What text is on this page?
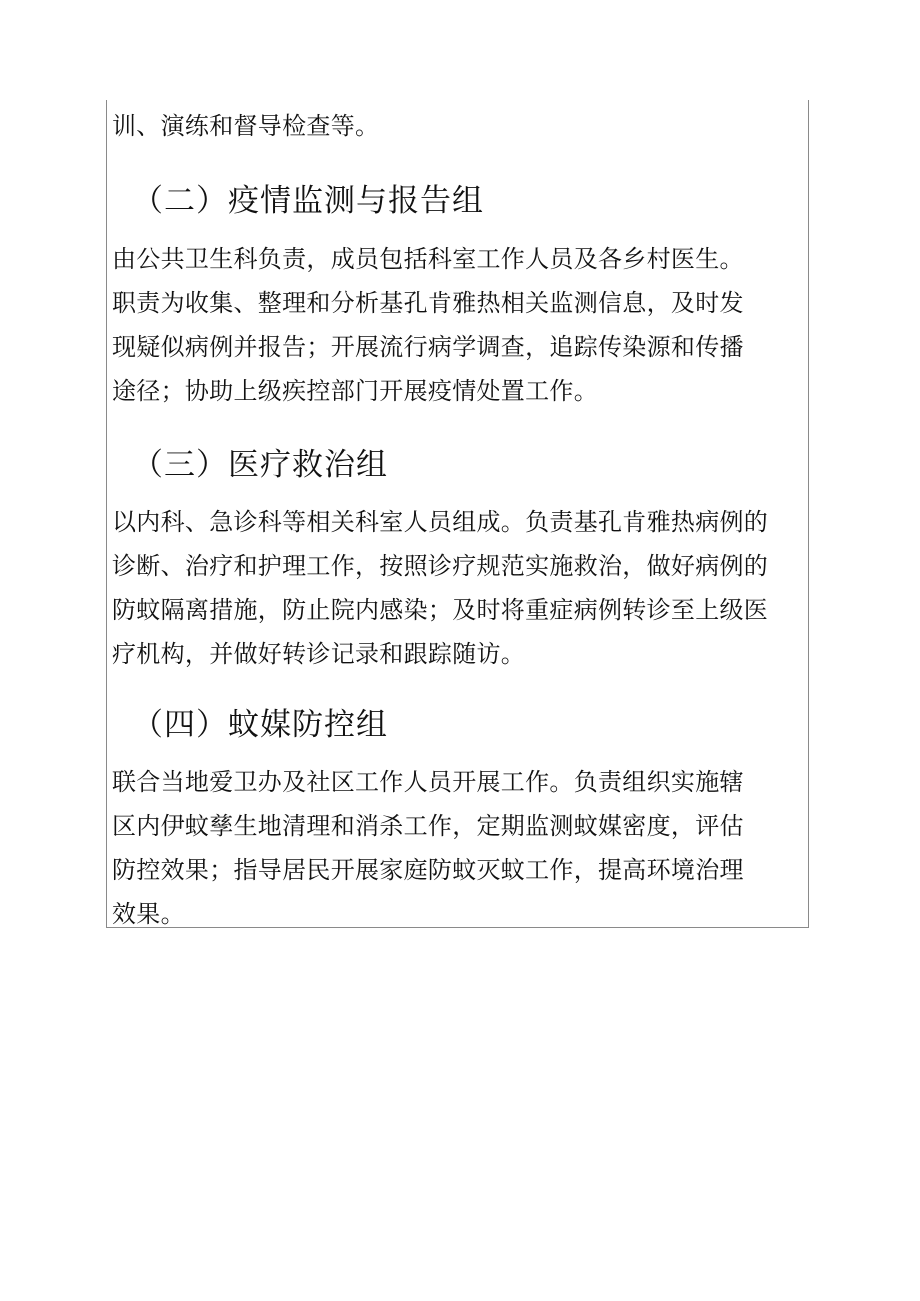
训、演练和督导检查等。

（二）疫情监测与报告组

由公共卫生科负责，成员包括科室工作人员及各乡村医生。
职责为收集、整理和分析基孔肯雅热相关监测信息，及时发
现疑似病例并报告；开展流行病学调查，追踪传染源和传播
途径；协助上级疾控部门开展疫情处置工作。

（三）医疗救治组

以内科、急诊科等相关科室人员组成。负责基孔肯雅热病例的
诊断、治疗和护理工作，按照诊疗规范实施救治，做好病例的
防蚊隔离措施，防止院内感染；及时将重症病例转诊至上级医
疗机构，并做好转诊记录和跟踪随访。

（四）蚊媒防控组

联合当地爱卫办及社区工作人员开展工作。负责组织实施辖
区内伊蚊孳生地清理和消杀工作，定期监测蚊媒密度，评估
防控效果；指导居民开展家庭防蚊灭蚊工作，提高环境治理
效果。
